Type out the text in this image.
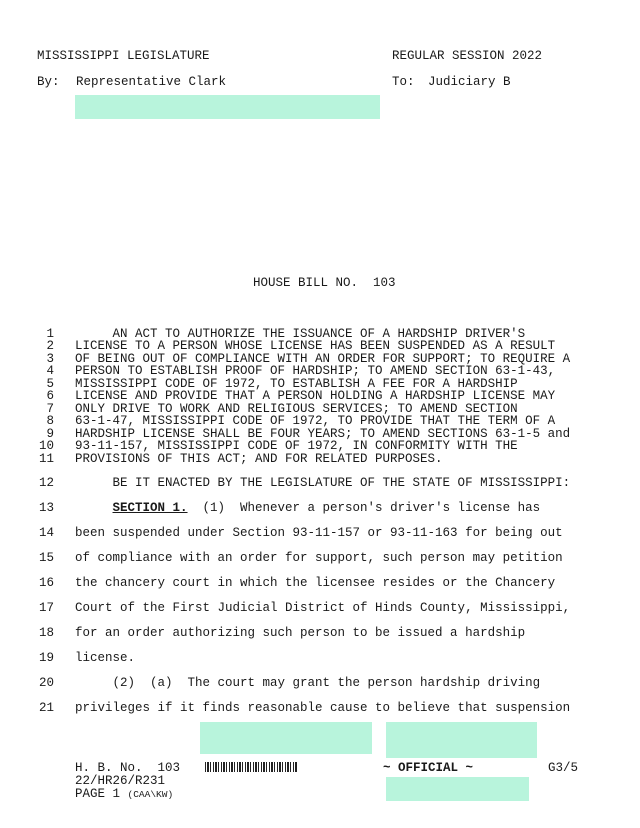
MISSISSIPPI LEGISLATURE	REGULAR SESSION 2022
By: Representative Clark	To: Judiciary B
HOUSE BILL NO.  103
1 AN ACT TO AUTHORIZE THE ISSUANCE OF A HARDSHIP DRIVER'S
2 LICENSE TO A PERSON WHOSE LICENSE HAS BEEN SUSPENDED AS A RESULT
3 OF BEING OUT OF COMPLIANCE WITH AN ORDER FOR SUPPORT; TO REQUIRE A
4 PERSON TO ESTABLISH PROOF OF HARDSHIP; TO AMEND SECTION 63-1-43,
5 MISSISSIPPI CODE OF 1972, TO ESTABLISH A FEE FOR A HARDSHIP
6 LICENSE AND PROVIDE THAT A PERSON HOLDING A HARDSHIP LICENSE MAY
7 ONLY DRIVE TO WORK AND RELIGIOUS SERVICES; TO AMEND SECTION
8 63-1-47, MISSISSIPPI CODE OF 1972, TO PROVIDE THAT THE TERM OF A
9 HARDSHIP LICENSE SHALL BE FOUR YEARS; TO AMEND SECTIONS 63-1-5 and
10 93-11-157, MISSISSIPPI CODE OF 1972, IN CONFORMITY WITH THE
11 PROVISIONS OF THIS ACT; AND FOR RELATED PURPOSES.
12 BE IT ENACTED BY THE LEGISLATURE OF THE STATE OF MISSISSIPPI:
13	SECTION 1.  (1)  Whenever a person's driver's license has
14 been suspended under Section 93-11-157 or 93-11-163 for being out
15 of compliance with an order for support, such person may petition
16 the chancery court in which the licensee resides or the Chancery
17 Court of the First Judicial District of Hinds County, Mississippi,
18 for an order authorizing such person to be issued a hardship
19 license.
20 (2)  (a)  The court may grant the person hardship driving
21 privileges if it finds reasonable cause to believe that suspension
H. B. No.  103	~ OFFICIAL ~	G3/5
22/HR26/R231
PAGE 1 (CAA\KW)
